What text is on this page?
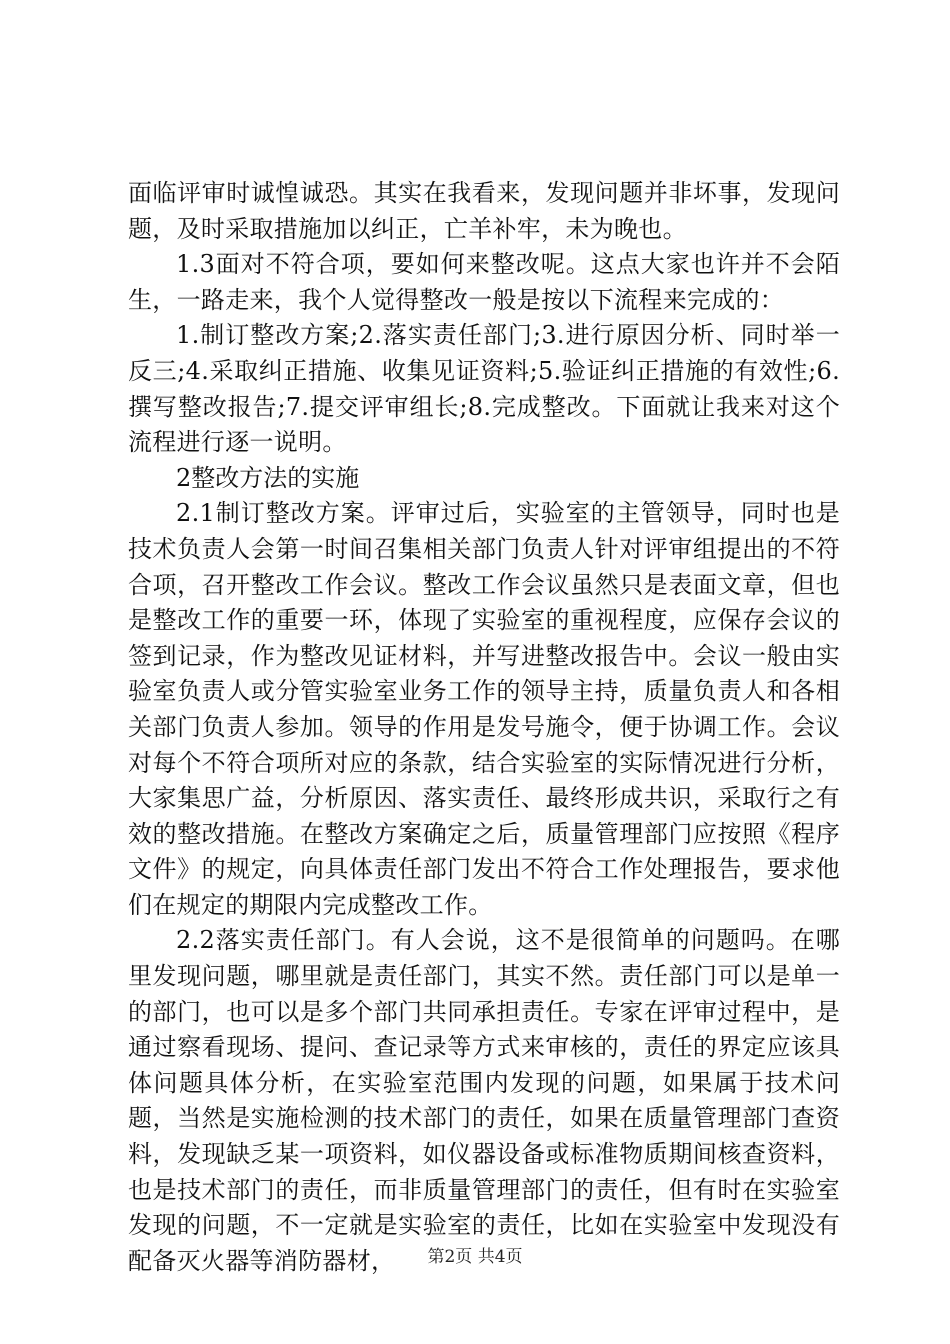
面临评审时诚惶诚恐。其实在我看来，发现问题并非坏事，发现问题，及时采取措施加以纠正，亡羊补牢，未为晚也。

1.3面对不符合项，要如何来整改呢。这点大家也许并不会陌生，一路走来，我个人觉得整改一般是按以下流程来完成的：

1.制订整改方案;2.落实责任部门;3.进行原因分析、同时举一反三;4.采取纠正措施、收集见证资料;5.验证纠正措施的有效性;6.撰写整改报告;7.提交评审组长;8.完成整改。下面就让我来对这个流程进行逐一说明。

2整改方法的实施

2.1制订整改方案。评审过后，实验室的主管领导，同时也是技术负责人会第一时间召集相关部门负责人针对评审组提出的不符合项，召开整改工作会议。整改工作会议虽然只是表面文章，但也是整改工作的重要一环，体现了实验室的重视程度，应保存会议的签到记录，作为整改见证材料，并写进整改报告中。会议一般由实验室负责人或分管实验室业务工作的领导主持，质量负责人和各相关部门负责人参加。领导的作用是发号施令，便于协调工作。会议对每个不符合项所对应的条款，结合实验室的实际情况进行分析，大家集思广益，分析原因、落实责任、最终形成共识，采取行之有效的整改措施。在整改方案确定之后，质量管理部门应按照《程序文件》的规定，向具体责任部门发出不符合工作处理报告，要求他们在规定的期限内完成整改工作。

2.2落实责任部门。有人会说，这不是很简单的问题吗。在哪里发现问题，哪里就是责任部门，其实不然。责任部门可以是单一的部门，也可以是多个部门共同承担责任。专家在评审过程中，是通过察看现场、提问、查记录等方式来审核的，责任的界定应该具体问题具体分析，在实验室范围内发现的问题，如果属于技术问题，当然是实施检测的技术部门的责任，如果在质量管理部门查资料，发现缺乏某一项资料，如仪器设备或标准物质期间核查资料，也是技术部门的责任，而非质量管理部门的责任，但有时在实验室发现的问题，不一定就是实验室的责任，比如在实验室中发现没有配备灭火器等消防器材，	第2页 共4页
